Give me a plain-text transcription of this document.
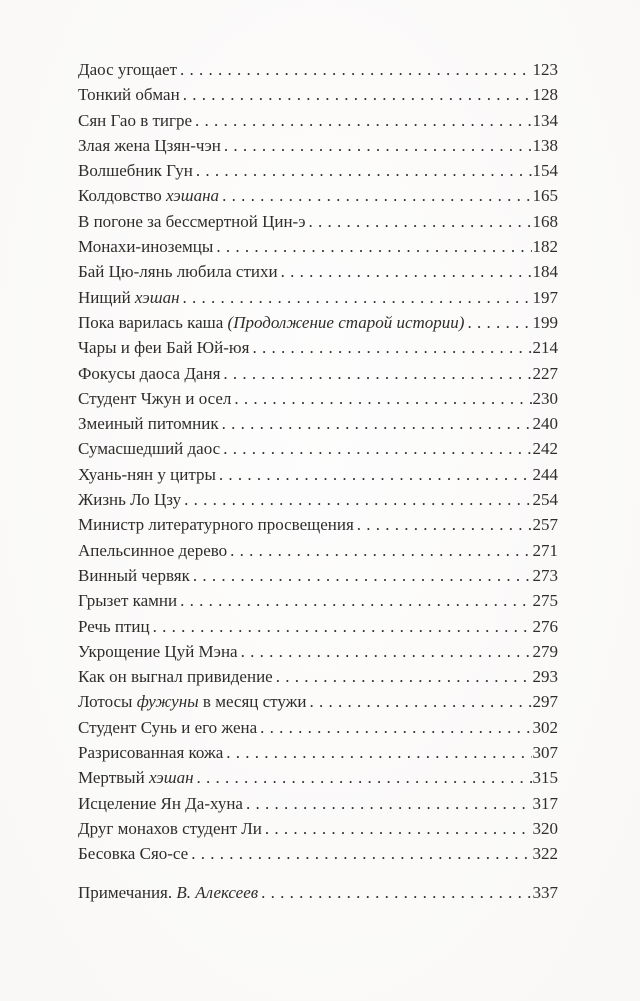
Даос угощает . . .	123
Тонкий обман . . .	128
Сян Гао в тигре . . .	134
Злая жена Цзян-чэн . . .	138
Волшебник Гун . . .	154
Колдовство хэшана . . .	165
В погоне за бессмертной Цин-э . . .	168
Монахи-иноземцы . . .	182
Бай Цю-лянь любила стихи . . .	184
Нищий хэшан . . .	197
Пока варилась каша (Продолжение старой истории) . . .	199
Чары и феи Бай Юй-юя . . .	214
Фокусы даоса Даня . . .	227
Студент Чжун и осел . . .	230
Змеиный питомник . . .	240
Сумасшедший даос . . .	242
Хуань-нян у цитры . . .	244
Жизнь Ло Цзу . . .	254
Министр литературного просвещения . . .	257
Апельсинное дерево . . .	271
Винный червяк . . .	273
Грызет камни . . .	275
Речь птиц . . .	276
Укрощение Цуй Мэна . . .	279
Как он выгнал привидение . . .	293
Лотосы фужуны в месяц стужи . . .	297
Студент Сунь и его жена . . .	302
Разрисованная кожа . . .	307
Мертвый хэшан . . .	315
Исцеление Ян Да-хуна . . .	317
Друг монахов студент Ли . . .	320
Бесовка Сяо-се . . .	322
Примечания. В. Алексеев . . .	337
